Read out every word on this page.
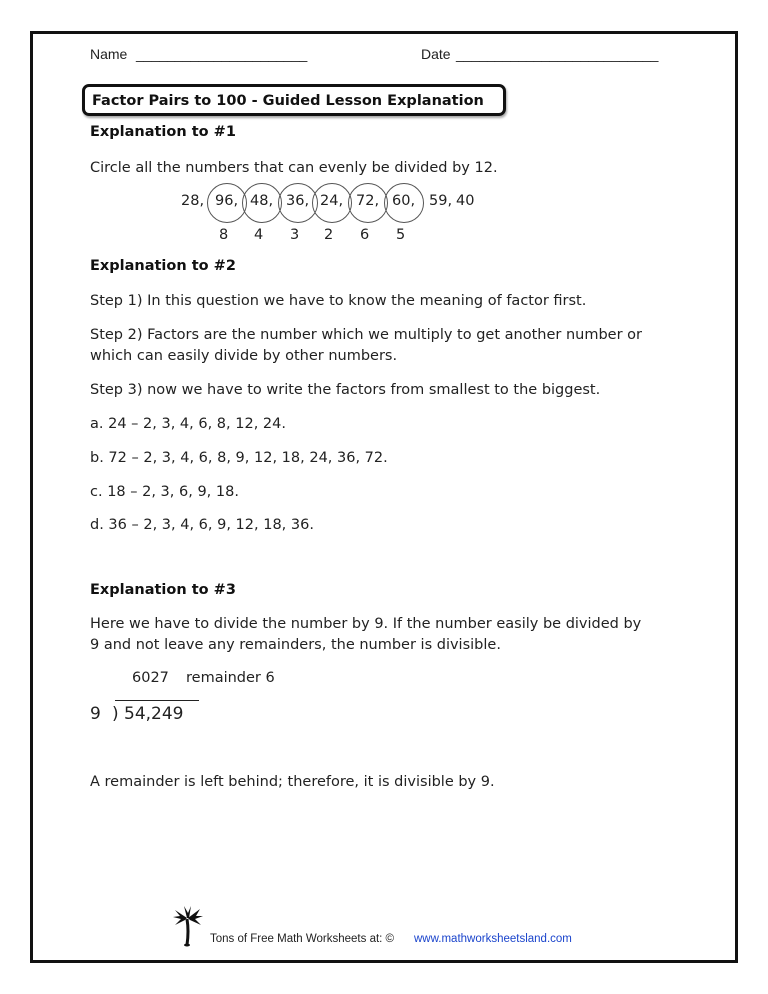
Name ______________________	Date __________________________
Factor Pairs to 100 - Guided Lesson Explanation
Explanation to #1
Circle all the numbers that can evenly be divided by 12.
28, 96,
8
48,
4
36,
3
24,
2
72,
6
60,
5
59, 40
Explanation to #2
Step 1) In this question we have to know the meaning of factor first.
Step 2) Factors are the number which we multiply to get another number or
which can easily divide by other numbers.
Step 3) now we have to write the factors from smallest to the biggest.
a. 24 – 2, 3, 4, 6, 8, 12, 24.
b. 72 – 2, 3, 4, 6, 8, 9, 12, 18, 24, 36, 72.
c. 18 – 2, 3, 6, 9, 18.
d. 36 – 2, 3, 4, 6, 9, 12, 18, 36.
Explanation to #3
Here we have to divide the number by 9. If the number easily be divided by
9 and not leave any remainders, the number is divisible.
6027 remainder 6
9 ) 54,249
A remainder is left behind; therefore, it is divisible by 9.
Tons of Free Math Worksheets at: © www.mathworksheetsland.com
